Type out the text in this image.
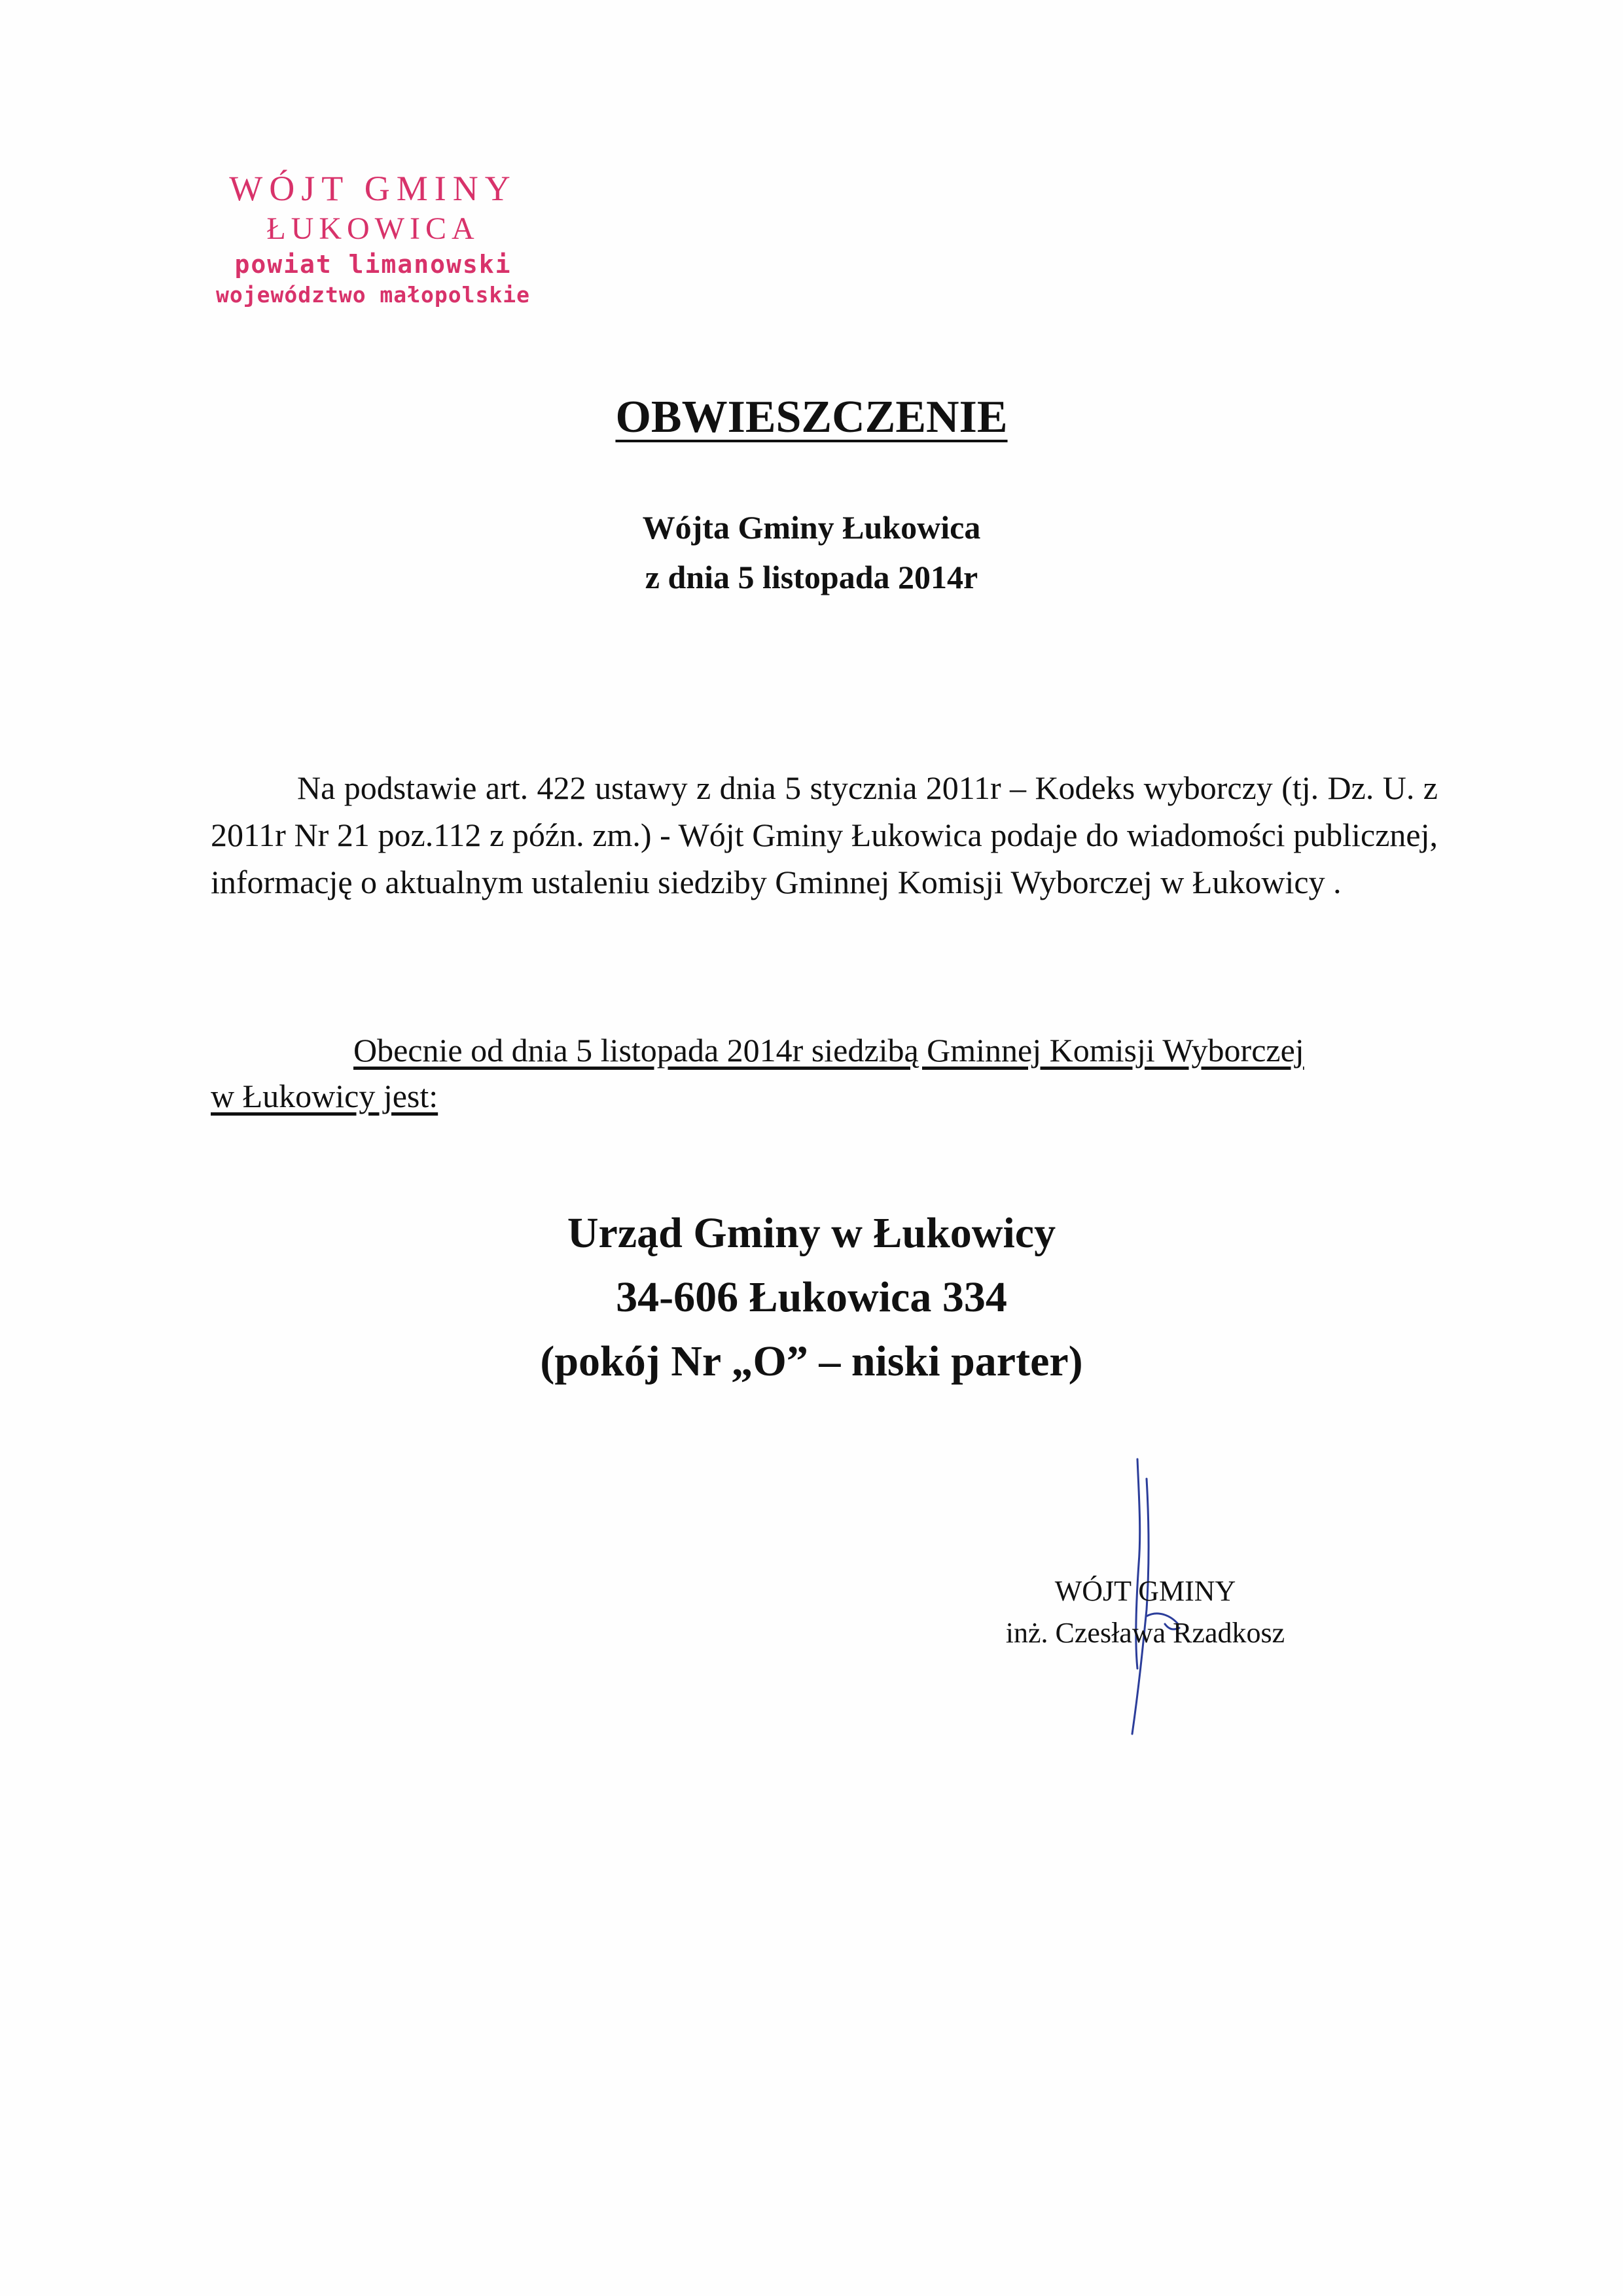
WÓJT GMINY
ŁUKOWICA
powiat limanowski
województwo małopolskie
OBWIESZCZENIE
Wójta Gminy Łukowica
z dnia 5 listopada 2014r
Na podstawie art. 422 ustawy z dnia 5 stycznia 2011r – Kodeks wyborczy (tj. Dz. U. z 2011r Nr 21 poz.112 z późn. zm.) - Wójt Gminy Łukowica podaje do wiadomości publicznej, informację o aktualnym ustaleniu siedziby Gminnej Komisji Wyborczej w Łukowicy .
Obecnie od dnia 5 listopada 2014r siedzibą Gminnej Komisji Wyborczej w Łukowicy jest:
Urząd Gminy w Łukowicy
34-606 Łukowica 334
(pokój Nr „O” – niski parter)
WÓJT GMINY
inż. Czesława Rzadkosz
